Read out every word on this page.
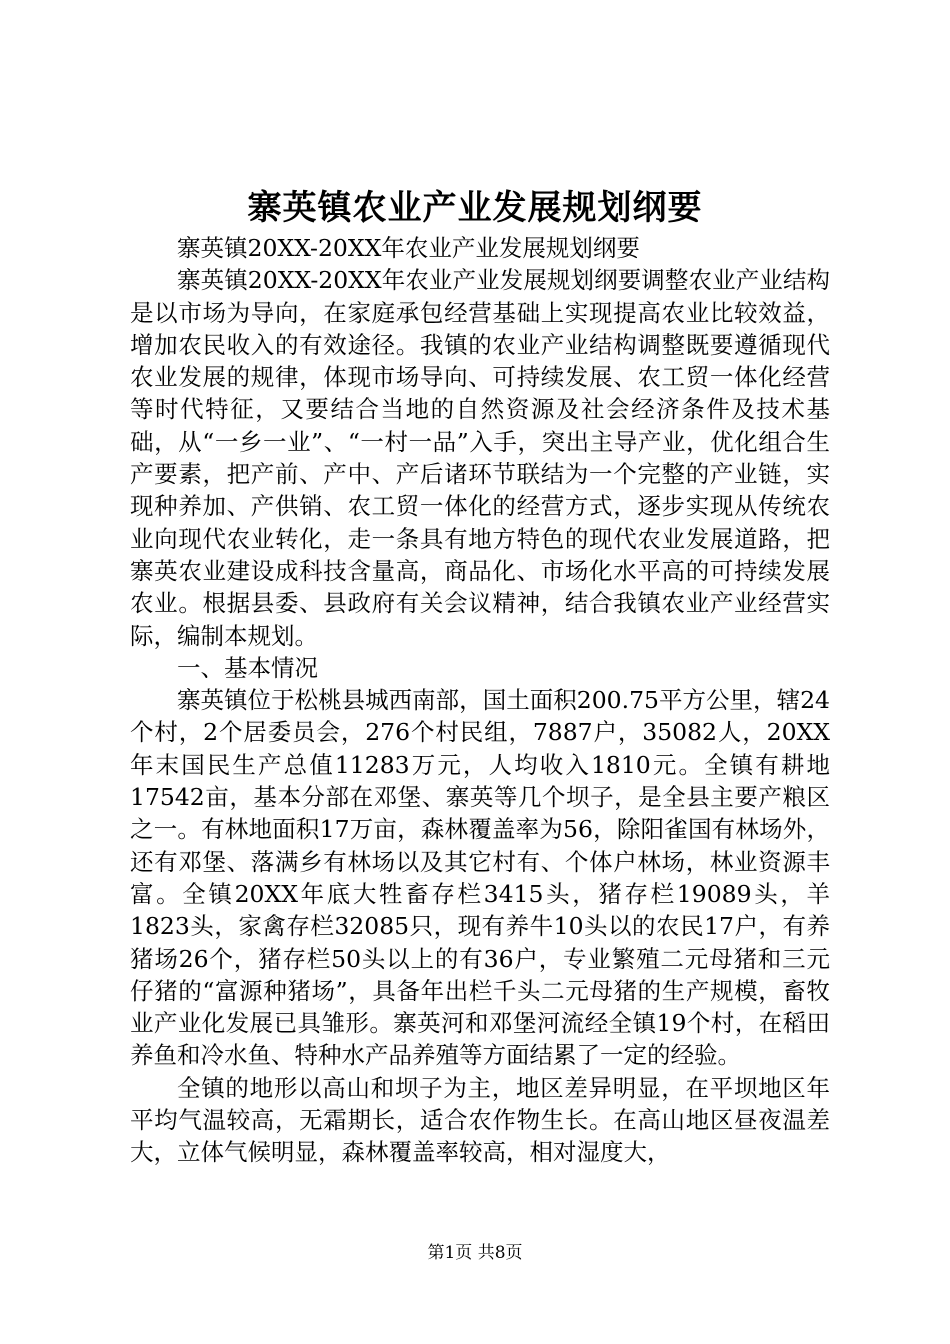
寨英镇农业产业发展规划纲要

寨英镇20XX-20XX年农业产业发展规划纲要

寨英镇20XX-20XX年农业产业发展规划纲要调整农业产业结构是以市场为导向，在家庭承包经营基础上实现提高农业比较效益，增加农民收入的有效途径。我镇的农业产业结构调整既要遵循现代农业发展的规律，体现市场导向、可持续发展、农工贸一体化经营等时代特征，又要结合当地的自然资源及社会经济条件及技术基础，从“一乡一业”、“一村一品”入手，突出主导产业，优化组合生产要素，把产前、产中、产后诸环节联结为一个完整的产业链，实现种养加、产供销、农工贸一体化的经营方式，逐步实现从传统农业向现代农业转化，走一条具有地方特色的现代农业发展道路，把寨英农业建设成科技含量高，商品化、市场化水平高的可持续发展农业。根据县委、县政府有关会议精神，结合我镇农业产业经营实际，编制本规划。

一、基本情况

寨英镇位于松桃县城西南部，国土面积200.75平方公里，辖24个村，2个居委员会，276个村民组，7887户，35082人，20XX年末国民生产总值11283万元，人均收入1810元。全镇有耕地17542亩，基本分部在邓堡、寨英等几个坝子，是全县主要产粮区之一。有林地面积17万亩，森林覆盖率为56，除阳雀国有林场外，还有邓堡、落满乡有林场以及其它村有、个体户林场，林业资源丰富。全镇20XX年底大牲畜存栏3415头，猪存栏19089头，羊1823头，家禽存栏32085只，现有养牛10头以的农民17户，有养猪场26个，猪存栏50头以上的有36户，专业繁殖二元母猪和三元仔猪的“富源种猪场”，具备年出栏千头二元母猪的生产规模，畜牧业产业化发展已具雏形。寨英河和邓堡河流经全镇19个村，在稻田养鱼和冷水鱼、特种水产品养殖等方面结累了一定的经验。

全镇的地形以高山和坝子为主，地区差异明显，在平坝地区年平均气温较高，无霜期长，适合农作物生长。在高山地区昼夜温差大，立体气候明显，森林覆盖率较高，相对湿度大，

第1页 共8页
